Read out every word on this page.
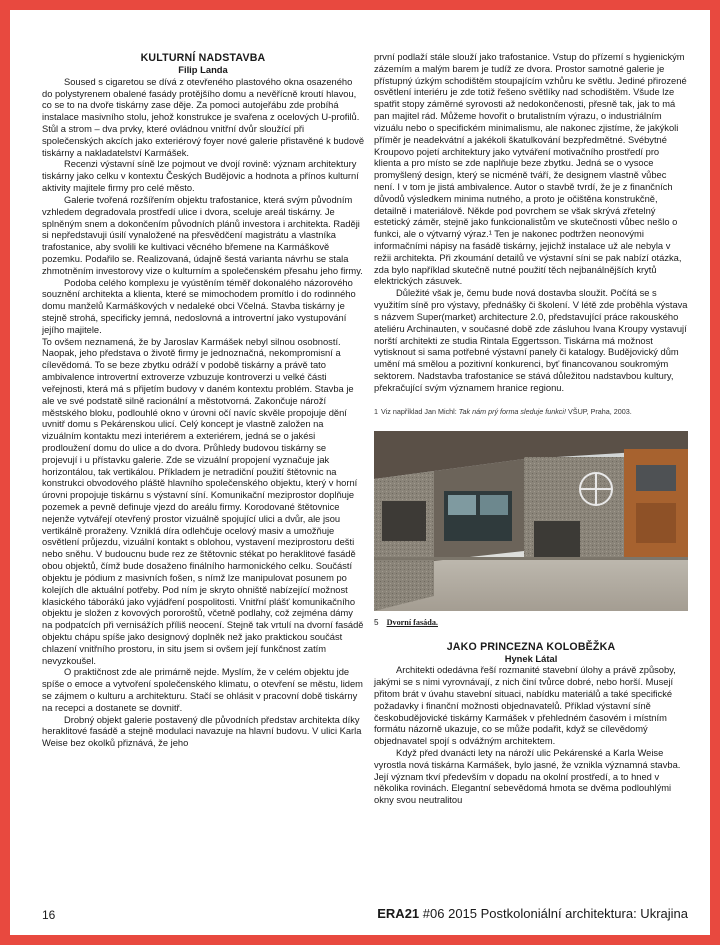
KULTURNÍ NADSTAVBA
Filip Landa

Soused s cigaretou se dívá z otevřeného plastového okna osazeného do polystyrenem obalené fasády protějšího domu a nevěřícně kroutí hlavou, co se to na dvoře tiskárny zase děje. Za pomoci autojeřábu zde probíhá instalace masivního stolu, jehož konstrukce je svařena z ocelových U-profilů. Stůl a strom – dva prvky, které ovládnou vnitřní dvůr sloužící při společenských akcích jako exteriérový foyer nové galerie přistavěné k budově tiskárny a nakladatelství Karmášek.

Recenzi výstavní síně lze pojmout ve dvojí rovině: význam architektury tiskárny jako celku v kontextu Českých Budějovic a hodnota a přínos kulturní aktivity majitele firmy pro celé město.

Galerie tvořená rozšířením objektu trafostanice, která svým původním vzhledem degradovala prostředí ulice i dvora, sceluje areál tiskárny. Je splněným snem a dokončením původních plánů investora i architekta. Raději si nepředstavuji úsilí vynaložené na přesvědčení magistrátu a vlastníka trafostanice, aby svolili ke kultivaci věcného břemene na Karmáškově pozemku. Podařilo se. Realizovaná, údajně šestá varianta návrhu se stala zhmotněním investorovy vize o kulturním a společenském přesahu jeho firmy.

Podoba celého komplexu je vyústěním téměř dokonalého názorového souznění architekta a klienta, které se mimochodem promítlo i do rodinného domu manželů Karmáškových v nedaleké obci Včelná. Stavba tiskárny je stejně strohá, specificky jemná, nedoslovná a introvertní jako vystupování jejího majitele.

To ovšem neznamená, že by Jaroslav Karmášek nebyl silnou osobností. Naopak, jeho představa o životě firmy je jednoznačná, nekompromisní a cílevědomá. To se beze zbytku odráží v podobě tiskárny a právě tato ambivalence introvertní extroverze vzbuzuje kontroverzi u velké části veřejnosti, která má s přijetím budovy v daném kontextu problém. Stavba je ale ve své podstatě silně racionální a městotvorná. Zakončuje nároží městského bloku, podlouhlé okno v úrovni očí navíc skvěle propojuje dění uvnitř domu s Pekárenskou ulicí. Celý koncept je vlastně založen na vizuálním kontaktu mezi interiérem a exteriérem, jedná se o jakési prodloužení domu do ulice a do dvora. Průhledy budovou tiskárny se projevují i u přístavku galerie. Zde se vizuální propojení vyznačuje jak horizontálou, tak vertikálou. Příkladem je netradiční použití štětovnic na konstrukci obvodového pláště hlavního společenského objektu, který v horní úrovni propojuje tiskárnu s výstavní síní. Komunikační meziprostor doplňuje pozemek a pevně definuje vjezd do areálu firmy. Korodované štětovnice nejenže vytvářejí otevřený prostor vizuálně spojující ulici a dvůr, ale jsou vertikálně proraženy. Vzniklá díra odlehčuje ocelový masiv a umožňuje osvětlení průjezdu, vizuální kontakt s oblohou, vystavení meziprostoru dešti nebo sněhu. V budoucnu bude rez ze štětovnic stékat po heraklitové fasádě obou objektů, čímž bude dosaženo finálního harmonického celku. Součástí objektu je pódium z masivních fošen, s nímž lze manipulovat posunem po kolejích dle aktuální potřeby. Pod ním je skryto ohniště nabízející možnost klasického táborákú jako vyjádření pospolitosti. Vnitřní plášť komunikačního objektu je složen z kovových pororoštů, včetně podlahy, což zejména dámy na podpatcích při vernisážích příliš neocení. Stejně tak vrtulí na dvorní fasádě objektu chápu spíše jako designový doplněk než jako praktickou součást chlazení vnitřního prostoru, in situ jsem si ovšem její funkčnost zatím nevyzkoušel.

O praktičnost zde ale primárně nejde. Myslím, že v celém objektu jde spíše o emoce a vytvoření společenského klimatu, o otevření se městu, lidem se zájmem o kulturu a architekturu. Stačí se ohlásit v pracovní době tiskárny na recepci a dostanete se dovnitř.

Drobný objekt galerie postavený dle původních představ architekta díky heraklitové fasádě a stejně modulaci navazuje na hlavní budovu. V ulici Karla Weise bez okolků přiznává, že jeho

první podlaží stále slouží jako trafostanice. Vstup do přízemí s hygienickým zázemím a malým barem je tudíž ze dvora. Prostor samotné galerie je přístupný úzkým schodištěm stoupajícím vzhůru ke světlu. Jediné přirozené osvětlení interiéru je zde totiž řešeno světlíky nad schodištěm. Všude lze spatřit stopy záměrné syrovosti až nedokončenosti, přesně tak, jak to má pan majitel rád. Můžeme hovořit o brutalistním výrazu, o industriálním vizuálu nebo o specifickém minimalismu, ale nakonec zjistíme, že jakýkoli příměr je neadekvátní a jakékoli škatulkování bezpředmětné. Svébytné Kroupovo pojetí architektury jako vytváření motivačního prostředí pro klienta a pro místo se zde naplňuje beze zbytku. Jedná se o vysoce promyšlený design, který se nicméně tváří, že designem vlastně vůbec není. I v tom je jistá ambivalence. Autor o stavbě tvrdí, že je z finančních důvodů výsledkem minima nutného, a proto je očištěna konstrukčně, detailně i materiálově. Někde pod povrchem se však skrývá zřetelný estetický záměr, stejně jako funkcionalistům ve skutečnosti vůbec nešlo o funkci, ale o výtvarný výraz.¹ Ten je nakonec podtržen neonovými informačními nápisy na fasádě tiskárny, jejichž instalace už ale nebyla v režii architekta. Při zkoumání detailů ve výstavní síni se pak nabízí otázka, zda bylo například skutečně nutné použití těch nejbanálnějších krytů elektrických zásuvek.

Důležité však je, čemu bude nová dostavba sloužit. Počítá se s využitím síně pro výstavy, přednášky či školení. V létě zde proběhla výstava s názvem Super(market) architecture 2.0, představující práce rakouského ateliéru Archinauten, v současné době zde zásluhou Ivana Kroupy vystavují norští architekti ze studia Rintala Eggertsson. Tiskárna má možnost vytisknout si sama potřebné výstavní panely či katalogy. Budějovický dům umění má smělou a pozitivní konkurenci, byť financovanou soukromým sektorem. Nadstavba trafostanice se stává důležitou nadstavbou kultury, překračující svým významem hranice regionu.

1 Viz například Jan Michl: Tak nám prý forma sleduje funkci! VŠUP, Praha, 2003.
5 Dvorní fasáda.
JAKO PRINCEZNA KOLOBĚŽKA
Hynek Látal

Architekti odedávna řeší rozmanité stavební úlohy a právě způsoby, jakými se s nimi vyrovnávají, z nich činí tvůrce dobré, nebo horší. Musejí přitom brát v úvahu stavební situaci, nabídku materiálů a také specifické požadavky i finanční možnosti objednavatelů. Příklad výstavní síně českobudějovické tiskárny Karmášek v přehledném časovém i místním formátu názorně ukazuje, co se může podařit, když se cílevědomý objednavatel spojí s odvážným architektem.

Když před dvanácti lety na nároží ulic Pekárenské a Karla Weise vyrostla nová tiskárna Karmášek, bylo jasné, že vznikla významná stavba. Její význam tkví především v dopadu na okolní prostředí, a to hned v několika rovinách. Elegantní sebevědomá hmota se dvěma podlouhlými okny svou neutralitou

16	ERA21 #06 2015 Postkoloniální architektura: Ukrajina
